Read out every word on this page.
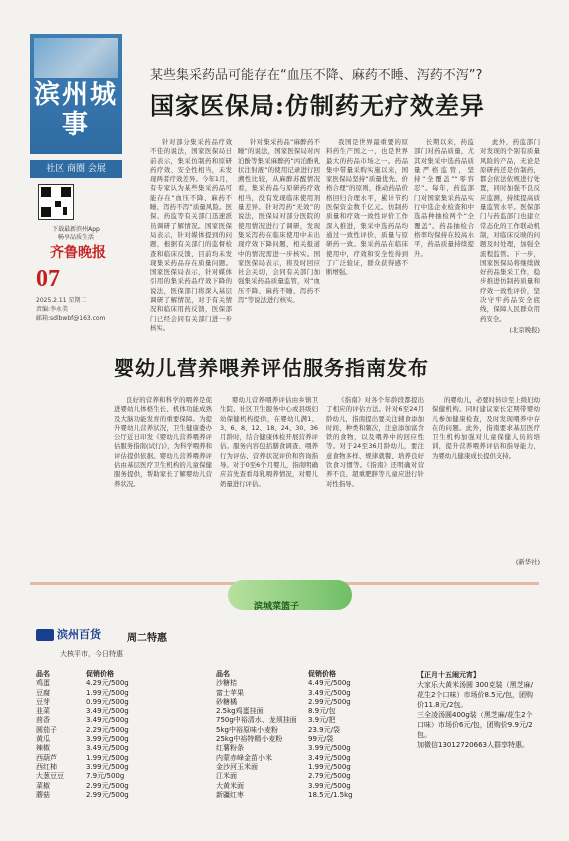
滨州城事
社区 商圈 会展
下载最新滨州App
畅享品质生活
齐鲁晚报
07
2025.2.11 星期二
责编:李永美
邮箱:sdlbwbf@163.com
某些集采药品可能存在“血压不降、麻药不睡、泻药不泻”?
国家医保局:仿制药无疗效差异

针对部分集采药品疗效不佳的说法，国家医保局日前表示，集采仿制药和原研药疗效、安全性相当，未发现两者疗效差异。今年1月，有专家认为某些集采药品可能存在“血压不降、麻药不睡、泻药不泻”质量风险。医保、药监等有关部门迅速派员调研了解情况。国家医保局表示，针对媒体提到的问题，根据有关部门的监督检查和临床反馈，目前均未发现集采药品存在质量问题。国家医保局表示，针对媒体引用的集采药品疗效下降的说法，医保部门将深入基层调研了解情况，对于有关情况和临床用药反馈，医保部门已经会同有关部门进一步核实。

针对集采药品“麻醉药不睡”的说法，国家医保局对丙泊酚等集采麻醉药“丙泊酚乳状注射液”的使用记录进行回溯性比较，从麻醉苏醒情况看，集采药品与原研药疗效相当，没有发现临床使用剂量差异。针对泻药“无效”的说法，医保局对部分医院的使用情况进行了调研，发现集采泻药在临床使用中未出现疗效下降问题，相关报道中的情况需进一步核实。国家医保局表示，将及时回应社会关切，会同有关部门加强集采药品质量监管，对“血压不降、麻药不睡、泻药不泻”等说法进行核实。

我国是世界最重要的原料药生产国之一，也是世界最大的药品市场之一。药品集中带量采购实施以来，国家医保局坚持“质量优先、价格合理”的原则，推动药品价格回归合理水平，累计节约医保资金数千亿元。仿制药质量和疗效一致性评价工作深入推进，集采中选药品均通过一致性评价，质量与原研药一致。集采药品在临床使用中，疗效和安全性得到了广泛验证，群众获得感不断增强。

长期以来，药监部门对药品质量，尤其对集采中选药品质量严格监管，坚持“全覆盖”“零容忍”。每年，药监部门对国家集采药品实行中选企业检查和中选品种抽检两个“全覆盖”。药品抽检合格率均保持在较高水平，药品质量持续提升。

此外，药监部门对发现的个别有质量风险的产品，无论是原研药还是仿制药，都会依法依规进行处置，同时加强不良反应监测，持续提高质量监管水平。医保部门与药监部门也建立常态化的工作联动机制，对临床反映的问题及时处理，加强全流程监管。下一步，国家医保局将继续做好药品集采工作，稳步推进仿制药质量和疗效一致性评价，坚决守牢药品安全底线，保障人民群众用药安全。

(北京晚报)
婴幼儿营养喂养评估服务指南发布

良好的营养和科学的喂养是促进婴幼儿体格生长、机体功能成熟及大脑功能发育的重要保障。为提升婴幼儿营养状况，卫生健康委办公厅近日印发《婴幼儿营养喂养评估服务指南(试行)》，为科学喂养和评估提供依据。婴幼儿营养喂养评估由基层医疗卫生机构的儿童保健服务提供，帮助家长了解婴幼儿营养状况。

婴幼儿营养喂养评估由乡镇卫生院、社区卫生服务中心或县级妇幼保健机构提供，在婴幼儿满1、3、6、8、12、18、24、30、36月龄时，结合健康体检开展营养评估。服务内容包括膳食调查、喂养行为评估、营养状况评价和咨询指导。对于0至6个月婴儿，指南明确应首先查看母乳喂养情况，对婴儿奶量进行评估。

《指南》对各个年龄段都提出了相应的评估方法。针对6至24月龄幼儿，指南提出要关注辅食添加时间、种类和频次，注意添加富含铁的食物，以及喂养中的回应性等。对于24至36月龄幼儿，要注意食物多样、规律就餐、培养良好饮食习惯等。《指南》还明确对营养不良、超重肥胖等儿童应进行针对性指导。

的婴幼儿，必要时转诊至上级妇幼保健机构。同时建议家长定期带婴幼儿参加健康检查，及时发现喂养中存在的问题。此外，指南要求基层医疗卫生机构加强对儿童保健人员的培训，提升营养喂养评估和指导能力，为婴幼儿健康成长提供支持。

(新华社)
滨城菜篮子
滨州百货	周二特惠
大核平市，今日特惠
品名	促销价格
鸡蛋	4.29元/500g
豆腐	1.99元/500g
豆芽	0.99元/500g
韭菜	3.49元/500g
茴香	3.49元/500g
圆茄子	2.29元/500g
黄瓜	3.99元/500g
辣椒	3.49元/500g
西葫芦	1.99元/500g
西红柿	3.99元/500g
大葱豆豆	7.9元/500g
菜椒	2.99元/500g
蘑菇	2.99元/500g
品名	促销价格
沙糖桔	4.49元/500g
富士苹果	3.49元/500g
砂糖橘	2.99元/500g
2.5kg鸡蛋挂面	8.9元/包
750g中裕清水、龙须挂面	3.9元/把
5kg中裕原味小麦粉	23.9元/袋
25kg中裕特精小麦粉	99元/袋
红薯粉条	3.99元/500g
内蒙赤峰金苗小米	3.49元/500g
金沙河玉米面	1.99元/500g
江米面	2.79元/500g
大黄米面	3.99元/500g
新疆红枣	18.5元/1.5kg
【正月十五闹元宵】
大家乐大黄米汤圆 300克装（黑芝麻/花生2个口味）市场价8.5元/包，团购价11.8元/2包。
三全凌汤圆400g装（黑芝麻/花生2个口味）市场价6元/包，团购价9.9元/2包。
加微信13012720663人群享特惠。
